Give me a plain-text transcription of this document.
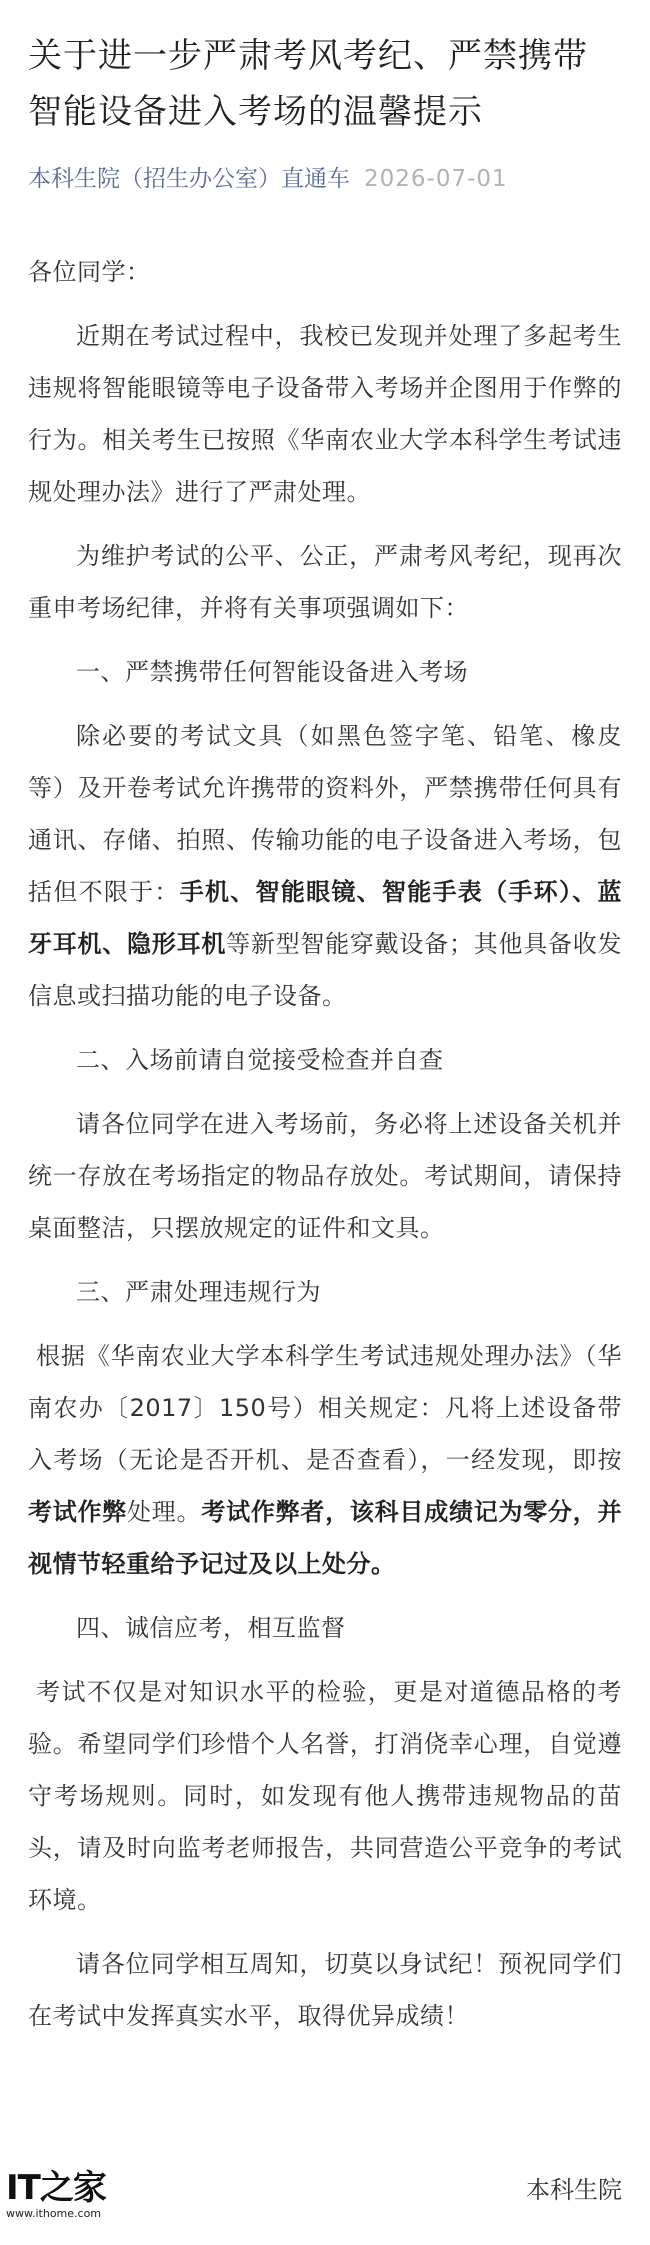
关于进一步严肃考风考纪、严禁携带智能设备进入考场的温馨提示
本科生院（招生办公室）直通车 2026-07-01

各位同学：

近期在考试过程中，我校已发现并处理了多起考生违规将智能眼镜等电子设备带入考场并企图用于作弊的行为。相关考生已按照《华南农业大学本科学生考试违规处理办法》进行了严肃处理。

为维护考试的公平、公正，严肃考风考纪，现再次重申考场纪律，并将有关事项强调如下：

一、严禁携带任何智能设备进入考场

除必要的考试文具（如黑色签字笔、铅笔、橡皮等）及开卷考试允许携带的资料外，严禁携带任何具有通讯、存储、拍照、传输功能的电子设备进入考场，包括但不限于：手机、智能眼镜、智能手表（手环）、蓝牙耳机、隐形耳机等新型智能穿戴设备；其他具备收发信息或扫描功能的电子设备。

二、入场前请自觉接受检查并自查

请各位同学在进入考场前，务必将上述设备关机并统一存放在考场指定的物品存放处。考试期间，请保持桌面整洁，只摆放规定的证件和文具。

三、严肃处理违规行为

根据《华南农业大学本科学生考试违规处理办法》（华南农办〔2017〕150号）相关规定：凡将上述设备带入考场（无论是否开机、是否查看），一经发现，即按考试作弊处理。考试作弊者，该科目成绩记为零分，并视情节轻重给予记过及以上处分。

四、诚信应考，相互监督

考试不仅是对知识水平的检验，更是对道德品格的考验。希望同学们珍惜个人名誉，打消侥幸心理，自觉遵守考场规则。同时，如发现有他人携带违规物品的苗头，请及时向监考老师报告，共同营造公平竞争的考试环境。

请各位同学相互周知，切莫以身试纪！预祝同学们在考试中发挥真实水平，取得优异成绩！

IT之家
www.ithome.com
本科生院
